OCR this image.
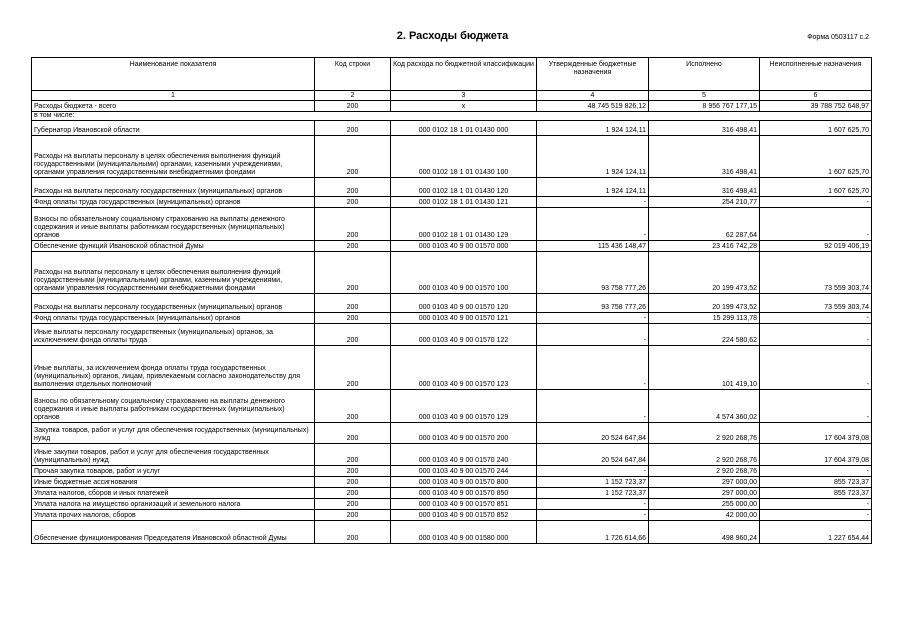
2. Расходы бюджета	Форма 0503117 с.2
Наименование показателя	Код строки	Код расхода по бюджетной классификации	Утвержденные бюджетные назначения	Исполнено	Неисполненные назначения
1	2	3	4	5	6
Расходы бюджета - всего	200	x	48 745 519 826,12	8 956 767 177,15	39 788 752 648,97
в том числе:					
Губернатор Ивановской области	200	000 0102 18 1 01 01430 000	1 924 124,11	316 498,41	1 607 625,70
Расходы на выплаты персоналу в целях обеспечения выполнения функций государственными (муниципальными) органами, казенными учреждениями, органами управления государственными внебюджетными фондами	200	000 0102 18 1 01 01430 100	1 924 124,11	316 498,41	1 607 625,70
Расходы на выплаты персоналу государственных (муниципальных) органов	200	000 0102 18 1 01 01430 120	1 924 124,11	316 498,41	1 607 625,70
Фонд оплаты труда государственных (муниципальных) органов	200	000 0102 18 1 01 01430 121	-	254 210,77	-
Взносы по обязательному социальному страхованию на выплаты денежного содержания и иные выплаты работникам государственных (муниципальных) органов	200	000 0102 18 1 01 01430 129	-	62 287,64	-
Обеспечение функций Ивановской областной Думы	200	000 0103 40 9 00 01570 000	115 436 148,47	23 416 742,28	92 019 406,19
Расходы на выплаты персоналу в целях обеспечения выполнения функций государственными (муниципальными) органами, казенными учреждениями, органами управления государственными внебюджетными фондами	200	000 0103 40 9 00 01570 100	93 758 777,26	20 199 473,52	73 559 303,74
Расходы на выплаты персоналу государственных (муниципальных) органов	200	000 0103 40 9 00 01570 120	93 758 777,26	20 199 473,52	73 559 303,74
Фонд оплаты труда государственных (муниципальных) органов	200	000 0103 40 9 00 01570 121	-	15 299 113,78	-
Иные выплаты персоналу государственных (муниципальных) органов, за исключением фонда оплаты труда	200	000 0103 40 9 00 01570 122	-	224 580,62	-
Иные выплаты, за исключением фонда оплаты труда государственных (муниципальных) органов, лицам, привлекаемым согласно законодательству для выполнения отдельных полномочий	200	000 0103 40 9 00 01570 123	-	101 419,10	-
Взносы по обязательному социальному страхованию на выплаты денежного содержания и иные выплаты работникам государственных (муниципальных) органов	200	000 0103 40 9 00 01570 129	-	4 574 360,02	-
Закупка товаров, работ и услуг для обеспечения государственных (муниципальных) нужд	200	000 0103 40 9 00 01570 200	20 524 647,84	2 920 268,76	17 604 379,08
Иные закупки товаров, работ и услуг для обеспечения государственных (муниципальных) нужд	200	000 0103 40 9 00 01570 240	20 524 647,84	2 920 268,76	17 604 379,08
Прочая закупка товаров, работ и услуг	200	000 0103 40 9 00 01570 244	-	2 920 268,76	-
Иные бюджетные ассигнования	200	000 0103 40 9 00 01570 800	1 152 723,37	297 000,00	855 723,37
Уплата налогов, сборов и иных платежей	200	000 0103 40 9 00 01570 850	1 152 723,37	297 000,00	855 723,37
Уплата налога на имущество организаций и земельного налога	200	000 0103 40 9 00 01570 851	-	255 000,00	-
Уплата прочих налогов, сборов	200	000 0103 40 9 00 01570 852	-	42 000,00	-
Обеспечение функционирования Председателя Ивановской областной Думы	200	000 0103 40 9 00 01580 000	1 726 614,66	498 960,24	1 227 654,44
